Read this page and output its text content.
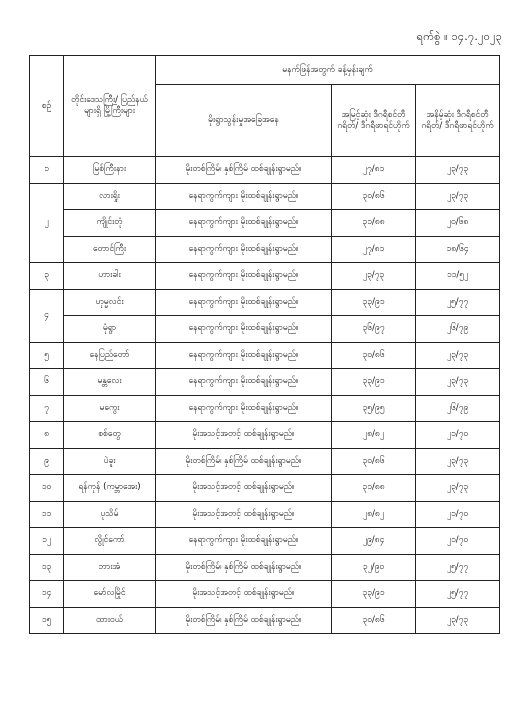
ရက်စွဲ ။ ၁၄.၇.၂၀၂၃
စဉ်	တိုင်းဒေသကြီး/ ပြည်နယ်များရှိ မြို့ကြီးများ	မနက်ဖြန်အတွက် ခန့်မှန်းချက်		
		မိုးရွာသွန်းမှုအခြေအနေ	အမြင့်ဆုံး ဒီဂရီစင်တီဂရိတ်/ ဒီဂရီဖာရင်ဟိုက်	အနိမ့်ဆုံး ဒီဂရီစင်တီဂရိတ်/ ဒီဂရီဖာရင်ဟိုက်
၁	မြစ်ကြီးနား	မိုးတစ်ကြိမ်၊ နှစ်ကြိမ် ထစ်ချုန်းရွာမည်။	၂၇/၈၁	၂၃/၇၃
၂	လားရှိုး	နေရာကွက်ကျား မိုးထစ်ချုန်းရွာမည်။	၃၀/၈၆	၂၃/၇၃
	ကျိုင်းတုံ	နေရာကွက်ကျား မိုးထစ်ချုန်းရွာမည်။	၃၁/၈၈	၂၀/၆၈
	တောင်ကြီး	နေရာကွက်ကျား မိုးထစ်ချုန်းရွာမည်။	၂၇/၈၁	၁၈/၆၄
၃	ဟားခါး	နေရာကွက်ကျား မိုးထစ်ချုန်းရွာမည်။	၂၃/၇၃	၁၁/၅၂
၄	ဟုမ္မလင်း	နေရာကွက်ကျား မိုးထစ်ချုန်းရွာမည်။	၃၃/၉၁	၂၅/၇၇
	မုံရွာ	နေရာကွက်ကျား မိုးထစ်ချုန်းရွာမည်။	၃၆/၉၇	၂၆/၇၉
၅	နေပြည်တော်	နေရာကွက်ကျား မိုးထစ်ချုန်းရွာမည်။	၃၀/၈၆	၂၃/၇၃
၆	မန္တလေး	နေရာကွက်ကျား မိုးထစ်ချုန်းရွာမည်။	၃၃/၉၁	၂၃/၇၃
၇	မကွေး	နေရာကွက်ကျား မိုးထစ်ချုန်းရွာမည်။	၃၅/၉၅	၂၆/၇၉
၈	စစ်တွေ	မိုးအသင့်အတင့် ထစ်ချုန်းရွာမည်။	၂၈/၈၂	၂၁/၇၀
၉	ပဲခူး	မိုးတစ်ကြိမ်၊ နှစ်ကြိမ် ထစ်ချုန်းရွာမည်။	၃၀/၈၆	၂၃/၇၃
၁၀	ရန်ကုန် (ကမ္ဘာအေး)	မိုးအသင့်အတင့် ထစ်ချုန်းရွာမည်။	၃၁/၈၈	၂၃/၇၃
၁၁	ပုသိမ်	မိုးအသင့်အတင့် ထစ်ချုန်းရွာမည်။	၂၈/၈၂	၂၁/၇၀
၁၂	လွိုင်ကော်	နေရာကွက်ကျား မိုးထစ်ချုန်းရွာမည်။	၂၉/၈၄	၂၁/၇၀
၁၃	ဘားအံ	မိုးတစ်ကြိမ်၊ နှစ်ကြိမ် ထစ်ချုန်းရွာမည်။	၃၂/၉၀	၂၅/၇၇
၁၄	မော်လမြိုင်	မိုးအသင့်အတင့် ထစ်ချုန်းရွာမည်။	၃၃/၉၁	၂၅/၇၇
၁၅	ထားဝယ်	မိုးတစ်ကြိမ်၊ နှစ်ကြိမ် ထစ်ချုန်းရွာမည်။	၃၀/၈၆	၂၃/၇၃
